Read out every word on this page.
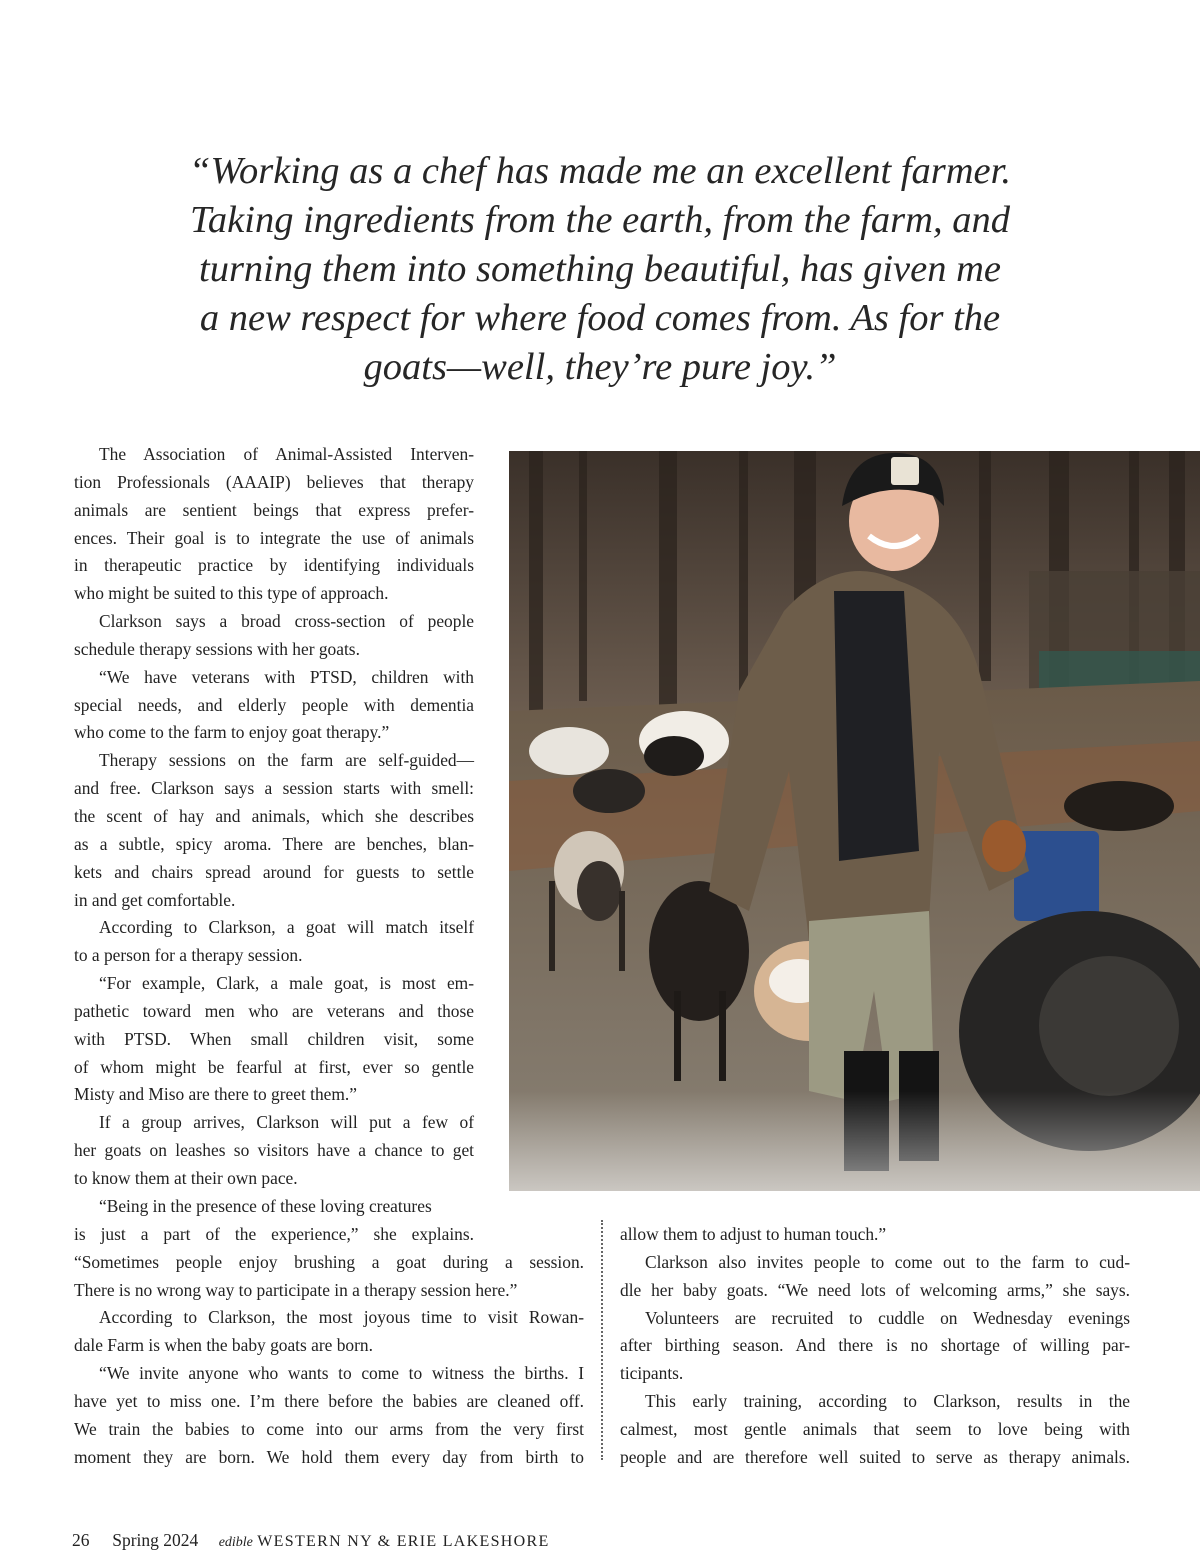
“Working as a chef has made me an excellent farmer.
Taking ingredients from the earth, from the farm, and
turning them into something beautiful, has given me
a new respect for where food comes from. As for the
goats—well, they’re pure joy.”

The Association of Animal-Assisted Interven-
tion Professionals (AAAIP) believes that therapy
animals are sentient beings that express prefer-
ences. Their goal is to integrate the use of animals
in therapeutic practice by identifying individuals
who might be suited to this type of approach.
Clarkson says a broad cross-section of people
schedule therapy sessions with her goats.
“We have veterans with PTSD, children with
special needs, and elderly people with dementia
who come to the farm to enjoy goat therapy.”
Therapy sessions on the farm are self-guided—
and free. Clarkson says a session starts with smell:
the scent of hay and animals, which she describes
as a subtle, spicy aroma. There are benches, blan-
kets and chairs spread around for guests to settle
in and get comfortable.
According to Clarkson, a goat will match itself
to a person for a therapy session.
“For example, Clark, a male goat, is most em-
pathetic toward men who are veterans and those
with PTSD. When small children visit, some
of whom might be fearful at first, ever so gentle
Misty and Miso are there to greet them.”
If a group arrives, Clarkson will put a few of
her goats on leashes so visitors have a chance to get
to know them at their own pace.
“Being in the presence of these loving creatures
is just a part of the experience,” she explains.
“Sometimes people enjoy brushing a goat during a session.
There is no wrong way to participate in a therapy session here.”
According to Clarkson, the most joyous time to visit Rowan-
dale Farm is when the baby goats are born.
“We invite anyone who wants to come to witness the births. I
have yet to miss one. I’m there before the babies are cleaned off.
We train the babies to come into our arms from the very first
moment they are born. We hold them every day from birth to
allow them to adjust to human touch.”
Clarkson also invites people to come out to the farm to cud-
dle her baby goats. “We need lots of welcoming arms,” she says.
Volunteers are recruited to cuddle on Wednesday evenings
after birthing season. And there is no shortage of willing par-
ticipants.
This early training, according to Clarkson, results in the
calmest, most gentle animals that seem to love being with
people and are therefore well suited to serve as therapy animals.
26 Spring 2024 edible WESTERN NY & ERIE LAKESHORE
